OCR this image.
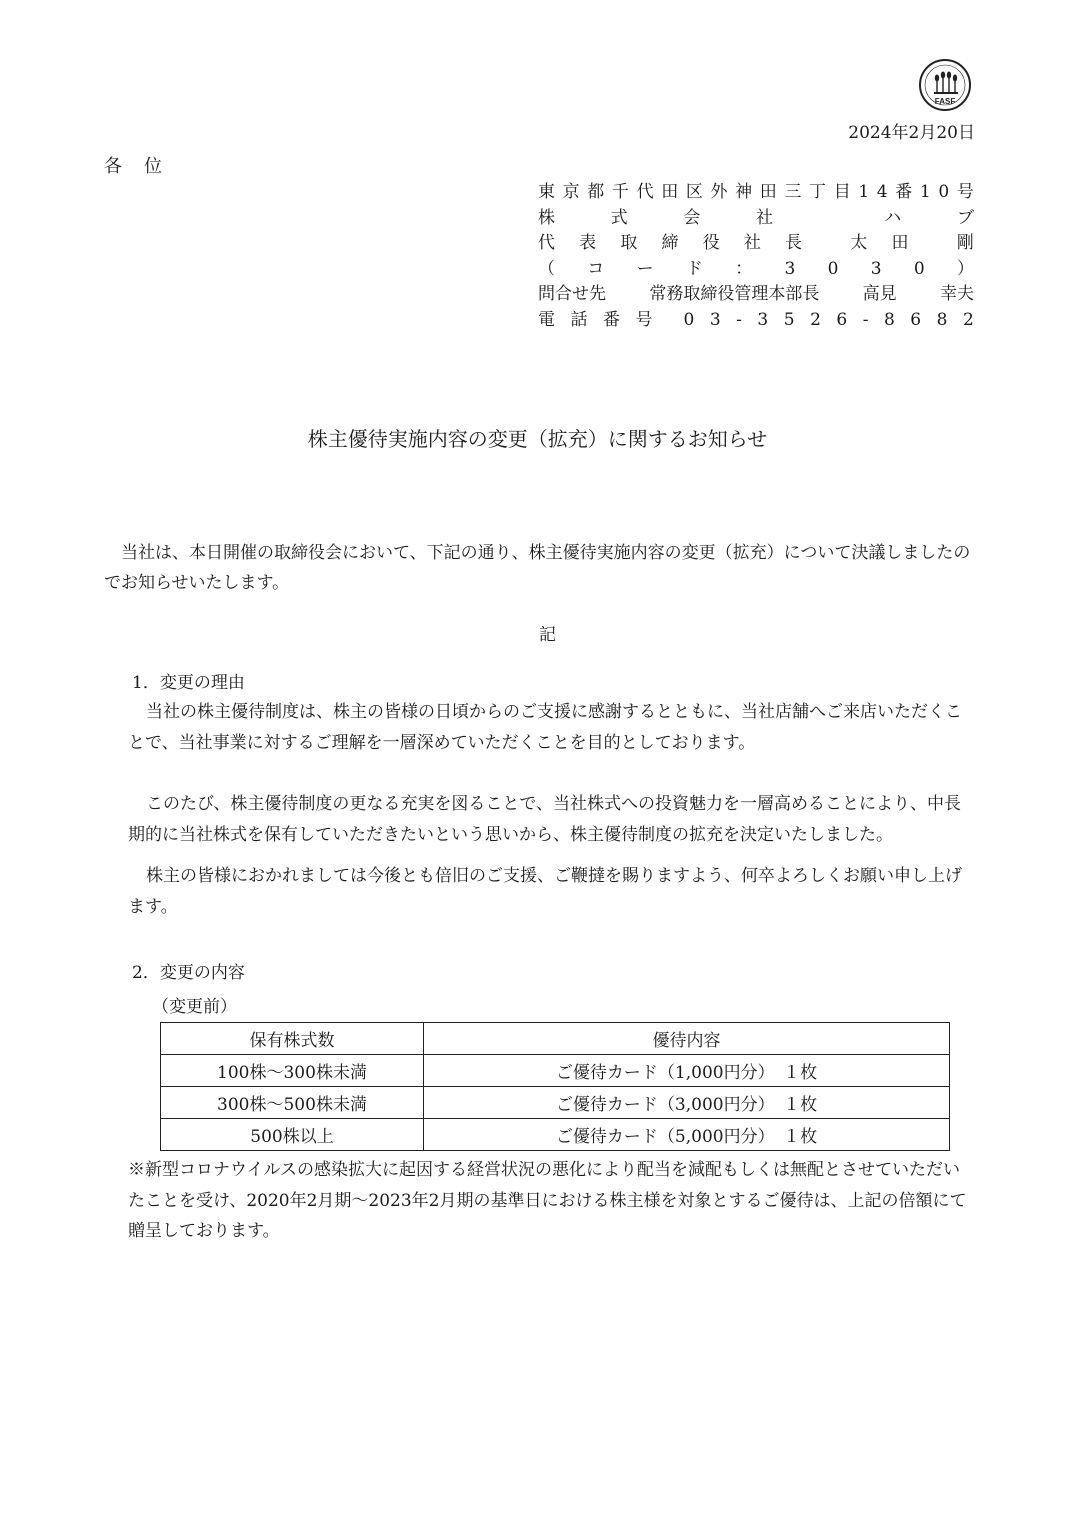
FASF
2024年2月20日
各位
東 京 都 千 代 田 区 外 神 田 三 丁 目 1 4 番 1 0 号
株	式	会	社	ハ	ブ
代 表 取 締 役 社 長	太 田	剛
（ コ ー ド ： 3 0 3 0 ）
問合せ先	常務取締役管理本部長	高見	幸夫
電 話 番 号 0 3 - 3 5 2 6 - 8 6 8 2
株主優待実施内容の変更（拡充）に関するお知らせ
当社は、本日開催の取締役会において、下記の通り、株主優待実施内容の変更（拡充）について決議しましたのでお知らせいたします。
記
1．変更の理由
当社の株主優待制度は、株主の皆様の日頃からのご支援に感謝するとともに、当社店舗へご来店いただくことで、当社事業に対するご理解を一層深めていただくことを目的としております。
このたび、株主優待制度の更なる充実を図ることで、当社株式への投資魅力を一層高めることにより、中長期的に当社株式を保有していただきたいという思いから、株主優待制度の拡充を決定いたしました。
株主の皆様におかれましては今後とも倍旧のご支援、ご鞭撻を賜りますよう、何卒よろしくお願い申し上げます。
2．変更の内容
（変更前）
保有株式数	優待内容
100株～300株未満	ご優待カード（1,000円分）　１枚
300株～500株未満	ご優待カード（3,000円分）　１枚
500株以上	ご優待カード（5,000円分）　１枚
※新型コロナウイルスの感染拡大に起因する経営状況の悪化により配当を減配もしくは無配とさせていただいたことを受け、2020年2月期～2023年2月期の基準日における株主様を対象とするご優待は、上記の倍額にて贈呈しております。
